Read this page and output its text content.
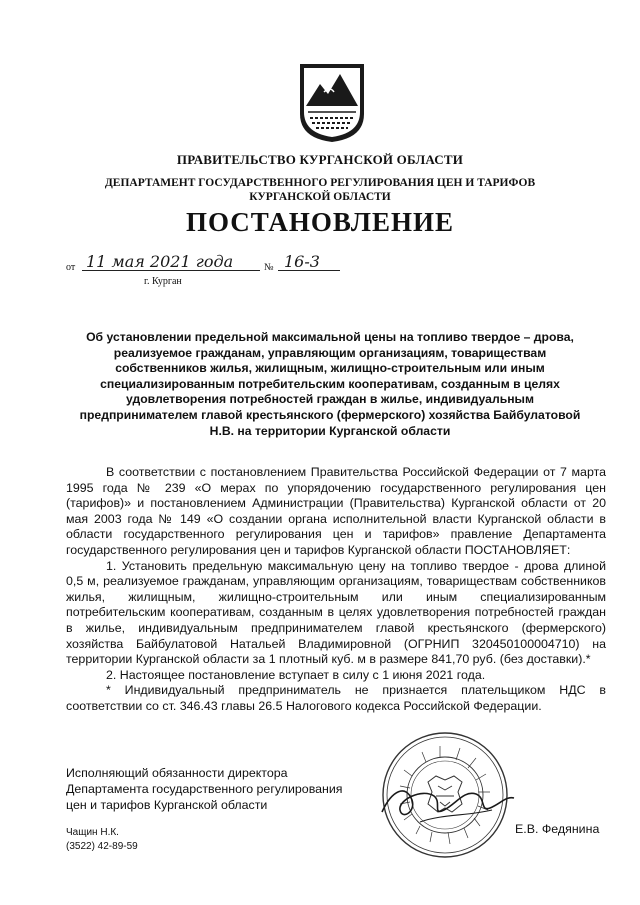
ПРАВИТЕЛЬСТВО КУРГАНСКОЙ ОБЛАСТИ
ДЕПАРТАМЕНТ ГОСУДАРСТВЕННОГО РЕГУЛИРОВАНИЯ ЦЕН И ТАРИФОВ
КУРГАНСКОЙ ОБЛАСТИ
ПОСТАНОВЛЕНИЕ
от 11 мая 2021 года	№ 16-3
г. Курган
Об установлении предельной максимальной цены на топливо твердое – дрова, реализуемое гражданам, управляющим организациям, товариществам собственников жилья, жилищным, жилищно-строительным или иным специализированным потребительским кооперативам, созданным в целях удовлетворения потребностей граждан в жилье, индивидуальным предпринимателем главой крестьянского (фермерского) хозяйства Байбулатовой Н.В. на территории Курганской области

В соответствии с постановлением Правительства Российской Федерации от 7 марта 1995 года № 239 «О мерах по упорядочению государственного регулирования цен (тарифов)» и постановлением Администрации (Правительства) Курганской области от 20 мая 2003 года № 149 «О создании органа исполнительной власти Курганской области в области государственного регулирования цен и тарифов» правление Департамента государственного регулирования цен и тарифов Курганской области ПОСТАНОВЛЯЕТ:

1. Установить предельную максимальную цену на топливо твердое - дрова длиной 0,5 м, реализуемое гражданам, управляющим организациям, товариществам собственников жилья, жилищным, жилищно-строительным или иным специализированным потребительским кооперативам, созданным в целях удовлетворения потребностей граждан в жилье, индивидуальным предпринимателем главой крестьянского (фермерского) хозяйства Байбулатовой Натальей Владимировной (ОГРНИП 320450100004710) на территории Курганской области за 1 плотный куб. м в размере 841,70 руб. (без доставки).*

2. Настоящее постановление вступает в силу с 1 июня 2021 года.

* Индивидуальный предприниматель не признается плательщиком НДС в соответствии со ст. 346.43 главы 26.5 Налогового кодекса Российской Федерации.

Исполняющий обязанности директора
Департамента государственного регулирования
цен и тарифов Курганской области
Е.В. Федянина
Чащин Н.К.
(3522) 42-89-59
